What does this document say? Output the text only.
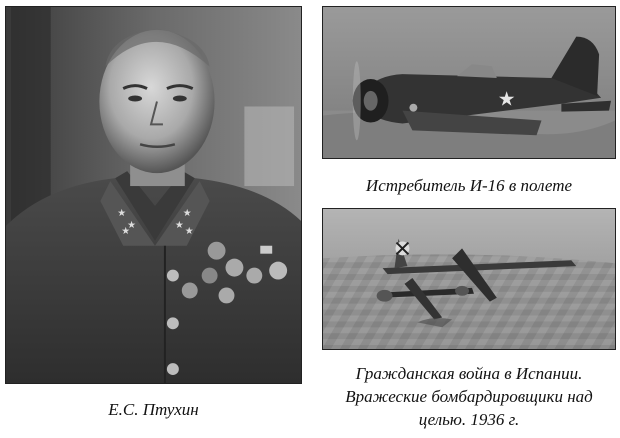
★
★
★
★
★
★
Е.С. Птухин
★
Истребитель И-16 в полете
Гражданская война в Испании.
Вражеские бомбардировщики над
целью. 1936 г.
